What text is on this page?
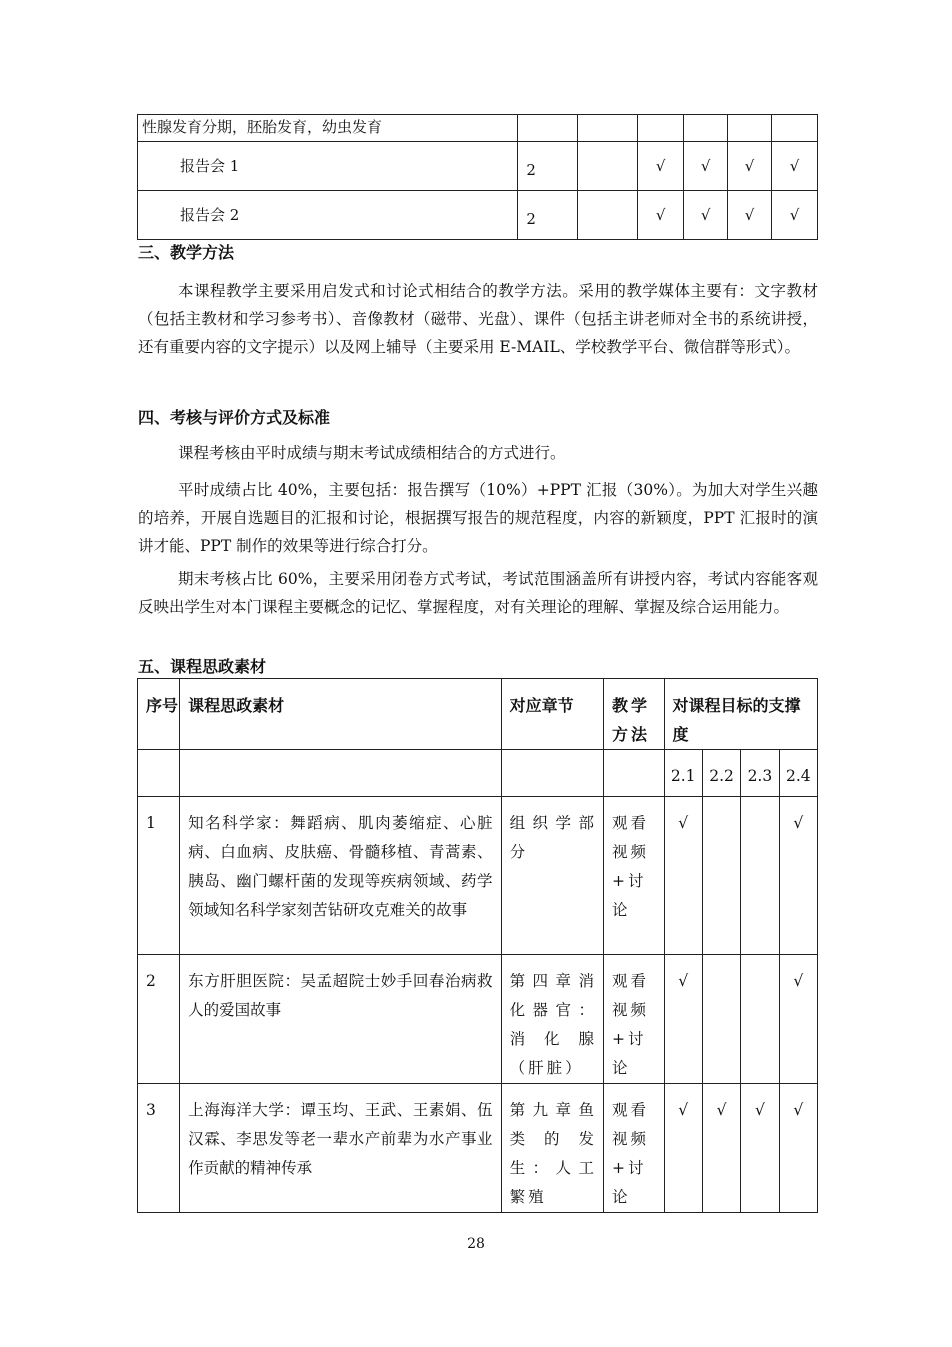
性腺发育分期，胚胎发育，幼虫发育						
报告会 1	2		√	√	√	√
报告会 2	2		√	√	√	√
三、教学方法

本课程教学主要采用启发式和讨论式相结合的教学方法。采用的教学媒体主要有：文字教材（包括主教材和学习参考书）、音像教材（磁带、光盘）、课件（包括主讲老师对全书的系统讲授，还有重要内容的文字提示）以及网上辅导（主要采用 E-MAIL、学校教学平台、微信群等形式）。

四、考核与评价方式及标准

课程考核由平时成绩与期末考试成绩相结合的方式进行。

平时成绩占比 40%，主要包括：报告撰写（10%）+PPT 汇报（30%）。为加大对学生兴趣的培养，开展自选题目的汇报和讨论，根据撰写报告的规范程度，内容的新颖度，PPT 汇报时的演讲才能、PPT 制作的效果等进行综合打分。

期末考核占比 60%，主要采用闭卷方式考试，考试范围涵盖所有讲授内容，考试内容能客观反映出学生对本门课程主要概念的记忆、掌握程度，对有关理论的理解、掌握及综合运用能力。

五、课程思政素材
序号	课程思政素材	对应章节	教学方法	对课程目标的支撑度			
				2.1	2.2	2.3	2.4
1	知名科学家：舞蹈病、肌肉萎缩症、心脏病、白血病、皮肤癌、骨髓移植、青蒿素、胰岛、幽门螺杆菌的发现等疾病领域、药学领域知名科学家刻苦钻研攻克难关的故事	组织学部分	观看视频+讨论	√			√
2	东方肝胆医院：吴孟超院士妙手回春治病救人的爱国故事	第四章消化器官：消化腺（肝脏）	观看视频+讨论	√			√
3	上海海洋大学：谭玉均、王武、王素娟、伍汉霖、李思发等老一辈水产前辈为水产事业作贡献的精神传承	第九章鱼类的发生：人工繁殖	观看视频+讨论	√	√	√	√
28
